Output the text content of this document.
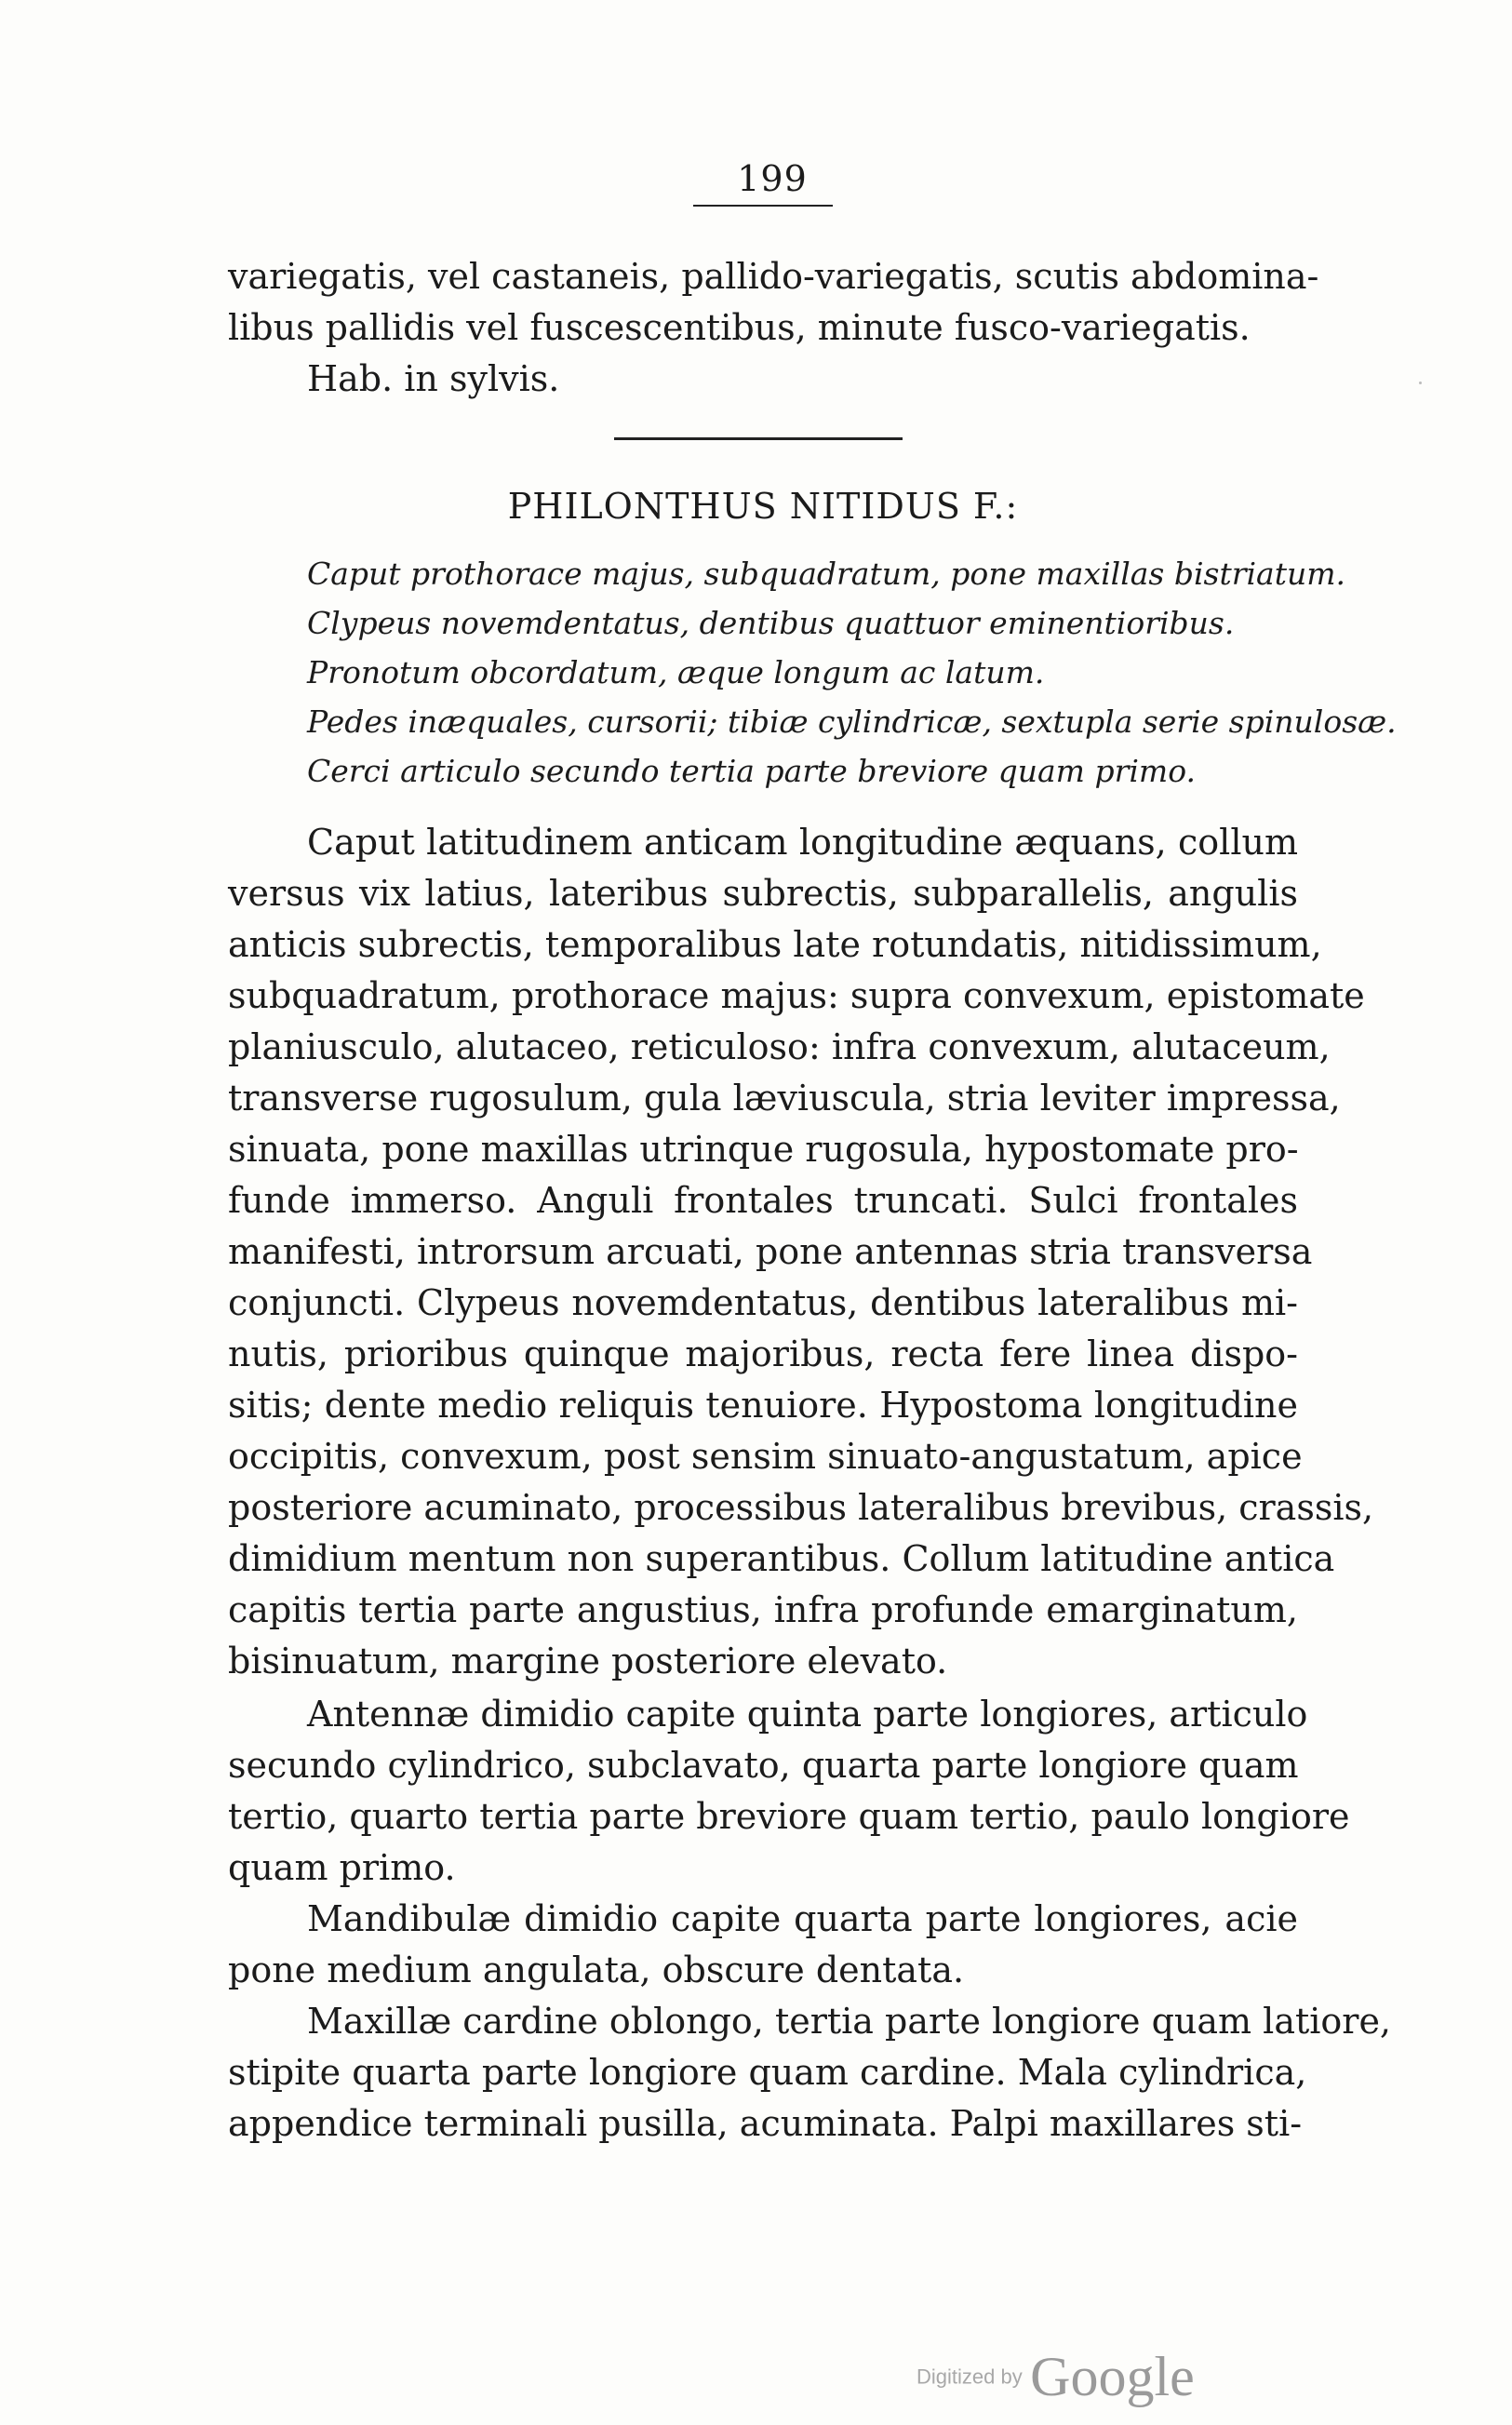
199
variegatis, vel castaneis, pallido-variegatis, scutis abdomina-
libus pallidis vel fuscescentibus, minute fusco-variegatis.
Hab. in sylvis.
PHILONTHUS NITIDUS F.:
Caput prothorace majus, subquadratum, pone maxillas bistriatum.
Clypeus novemdentatus, dentibus quattuor eminentioribus.
Pronotum obcordatum, æque longum ac latum.
Pedes inæquales, cursorii; tibiæ cylindricæ, sextupla serie spinulosæ.
Cerci articulo secundo tertia parte breviore quam primo.
Caput latitudinem anticam longitudine æquans, collum
versus vix latius, lateribus subrectis, subparallelis, angulis
anticis subrectis, temporalibus late rotundatis, nitidissimum,
subquadratum, prothorace majus: supra convexum, epistomate
planiusculo, alutaceo, reticuloso: infra convexum, alutaceum,
transverse rugosulum, gula læviuscula, stria leviter impressa,
sinuata, pone maxillas utrinque rugosula, hypostomate pro-
funde immerso. Anguli frontales truncati. Sulci frontales
manifesti, introrsum arcuati, pone antennas stria transversa
conjuncti. Clypeus novemdentatus, dentibus lateralibus mi-
nutis, prioribus quinque majoribus, recta fere linea dispo-
sitis; dente medio reliquis tenuiore. Hypostoma longitudine
occipitis, convexum, post sensim sinuato-angustatum, apice
posteriore acuminato, processibus lateralibus brevibus, crassis,
dimidium mentum non superantibus. Collum latitudine antica
capitis tertia parte angustius, infra profunde emarginatum,
bisinuatum, margine posteriore elevato.
Antennæ dimidio capite quinta parte longiores, articulo
secundo cylindrico, subclavato, quarta parte longiore quam
tertio, quarto tertia parte breviore quam tertio, paulo longiore
quam primo.
Mandibulæ dimidio capite quarta parte longiores, acie
pone medium angulata, obscure dentata.
Maxillæ cardine oblongo, tertia parte longiore quam latiore,
stipite quarta parte longiore quam cardine. Mala cylindrica,
appendice terminali pusilla, acuminata. Palpi maxillares sti-
Digitized by Google
